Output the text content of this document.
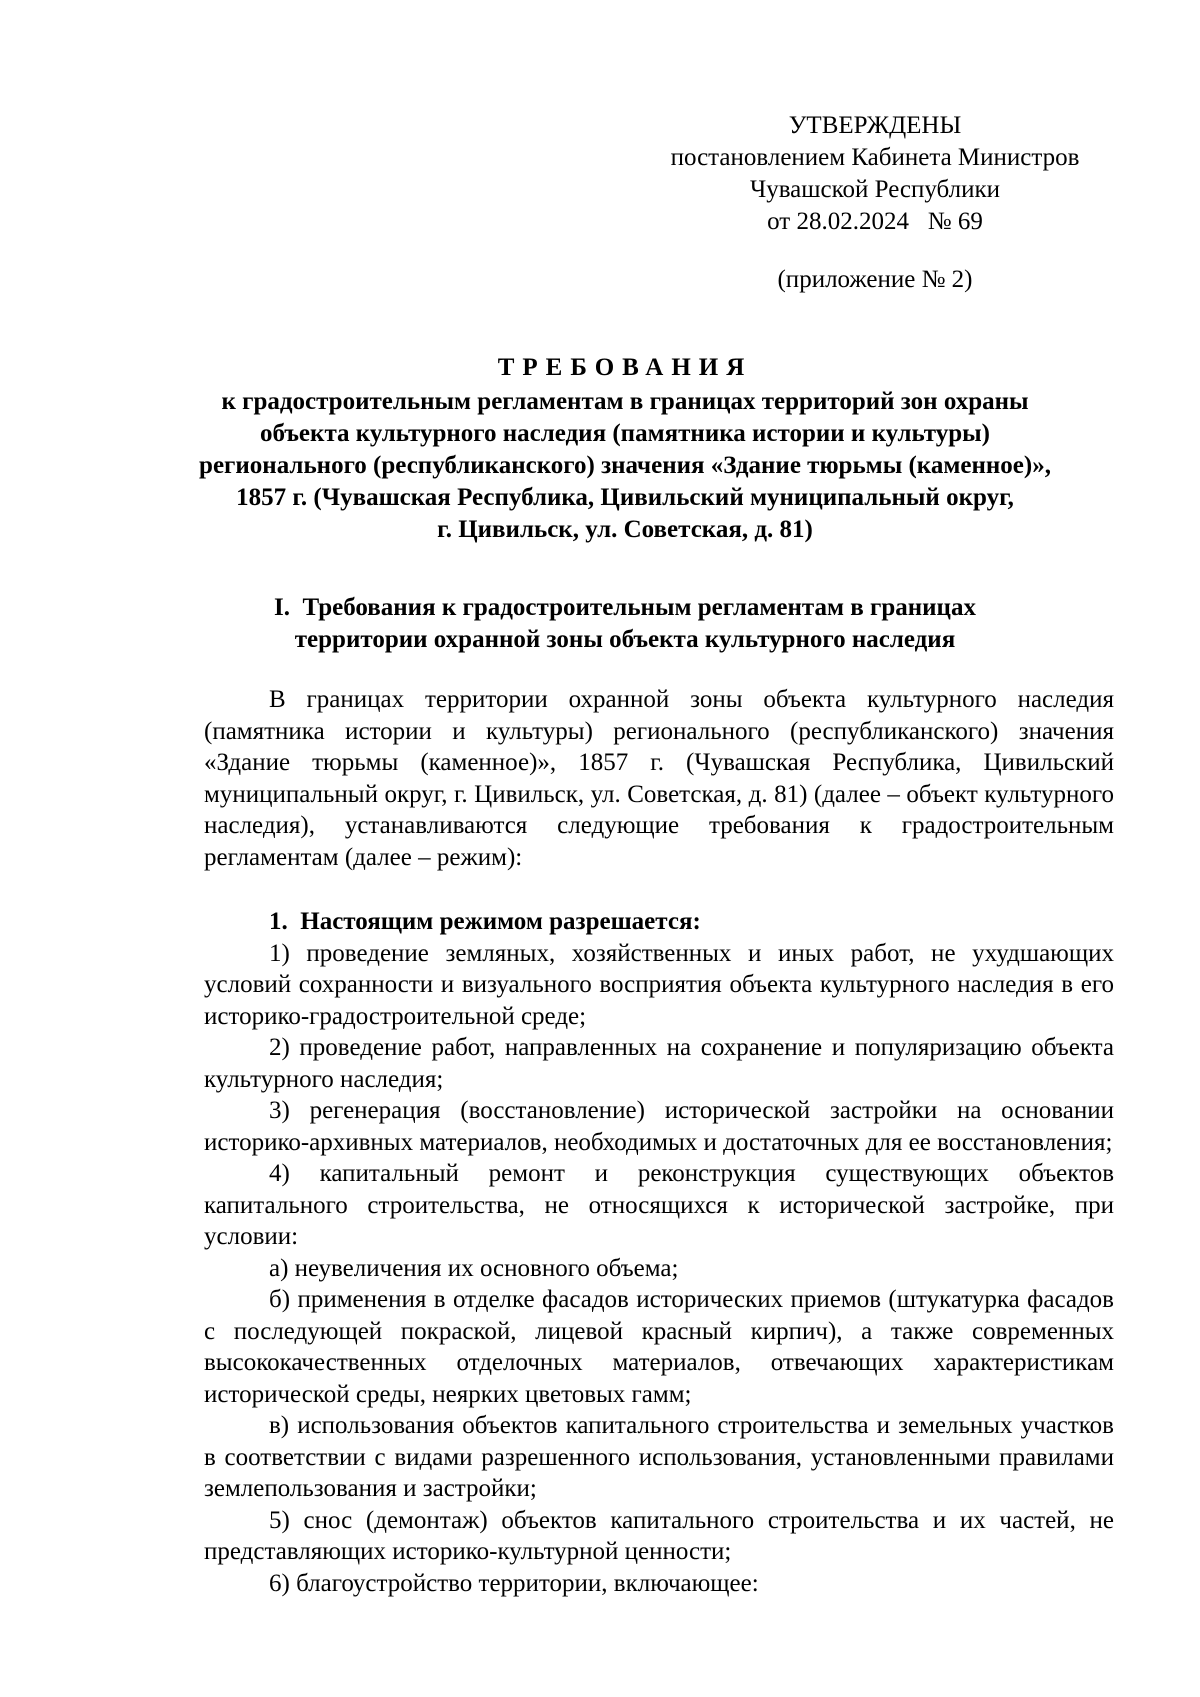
УТВЕРЖДЕНЫ
постановлением Кабинета Министров
Чувашской Республики
от 28.02.2024   № 69
(приложение № 2)
ТРЕБОВАНИЯ
к градостроительным регламентам в границах территорий зон охраны
объекта культурного наследия (памятника истории и культуры)
регионального (республиканского) значения «Здание тюрьмы (каменное)»,
1857 г. (Чувашская Республика, Цивильский муниципальный округ,
г. Цивильск, ул. Советская, д. 81)
I.  Требования к градостроительным регламентам в границах
территории охранной зоны объекта культурного наследия

В границах территории охранной зоны объекта культурного наследия (памятника истории и культуры) регионального (республиканского) значения «Здание тюрьмы (каменное)», 1857 г. (Чувашская Республика, Цивильский муниципальный округ, г. Цивильск, ул. Советская, д. 81) (далее – объект культурного наследия), устанавливаются следующие требования к градостроительным регламентам (далее – режим):

1.  Настоящим режимом разрешается:

1) проведение земляных, хозяйственных и иных работ, не ухудшающих условий сохранности и визуального восприятия объекта культурного наследия в его историко-градостроительной среде;

2) проведение работ, направленных на сохранение и популяризацию объекта культурного наследия;

3) регенерация (восстановление) исторической застройки на основании историко-архивных материалов, необходимых и достаточных для ее восстановления;

4) капитальный ремонт и реконструкция существующих объектов капитального строительства, не относящихся к исторической застройке, при условии:

а) неувеличения их основного объема;

б) применения в отделке фасадов исторических приемов (штукатурка фасадов с последующей покраской, лицевой красный кирпич), а также современных высококачественных отделочных материалов, отвечающих характеристикам исторической среды, неярких цветовых гамм;

в) использования объектов капитального строительства и земельных участков в соответствии с видами разрешенного использования, установленными правилами землепользования и застройки;

5) снос (демонтаж) объектов капитального строительства и их частей, не представляющих историко-культурной ценности;

6) благоустройство территории, включающее:
